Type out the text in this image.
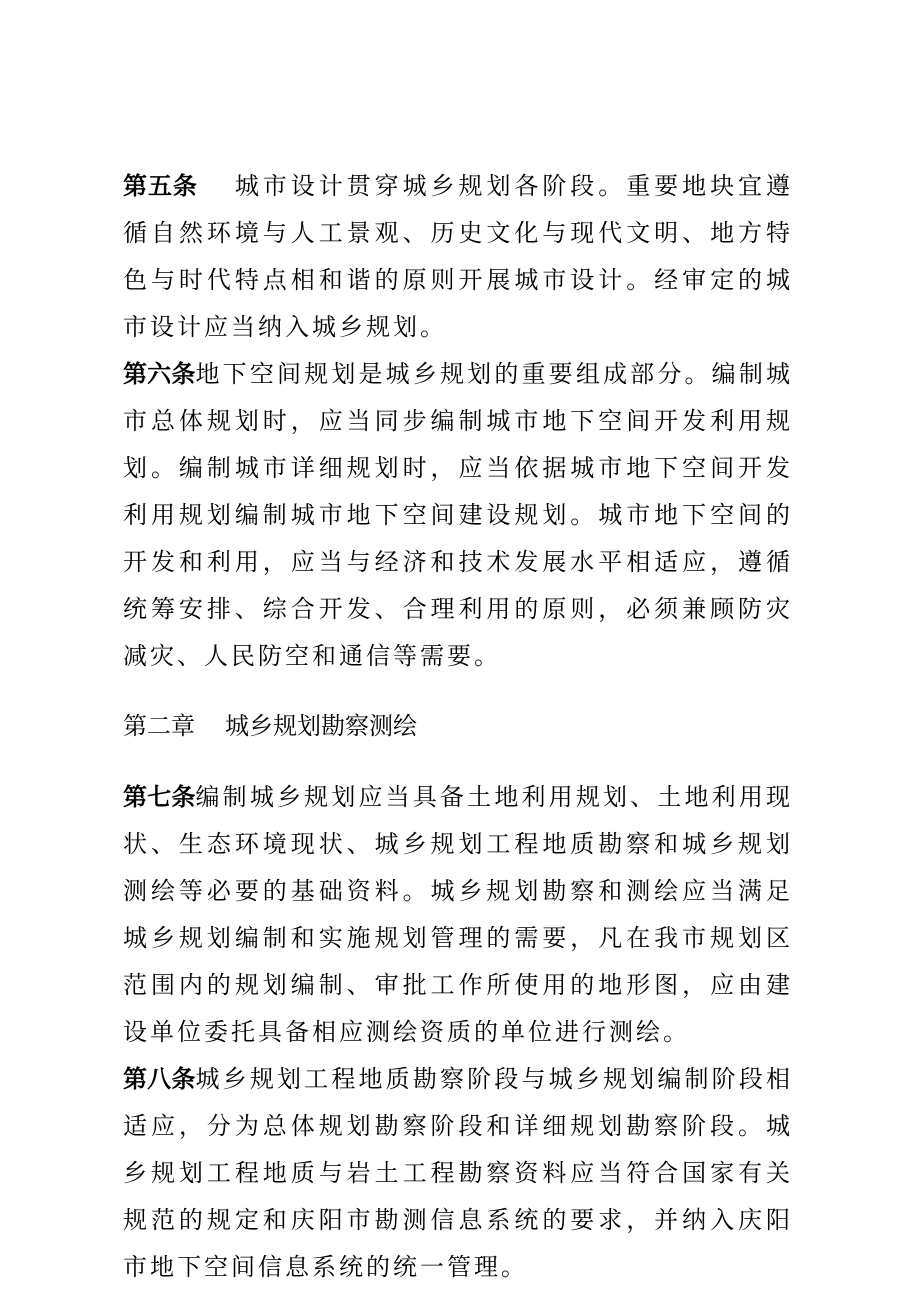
第五条 城市设计贯穿城乡规划各阶段。重要地块宜遵循自然环境与人工景观、历史文化与现代文明、地方特色与时代特点相和谐的原则开展城市设计。经审定的城市设计应当纳入城乡规划。

第六条地下空间规划是城乡规划的重要组成部分。编制城市总体规划时，应当同步编制城市地下空间开发利用规划。编制城市详细规划时，应当依据城市地下空间开发利用规划编制城市地下空间建设规划。城市地下空间的开发和利用，应当与经济和技术发展水平相适应，遵循统筹安排、综合开发、合理利用的原则，必须兼顾防灾减灾、人民防空和通信等需要。

第二章 城乡规划勘察测绘

第七条编制城乡规划应当具备土地利用规划、土地利用现状、生态环境现状、城乡规划工程地质勘察和城乡规划测绘等必要的基础资料。城乡规划勘察和测绘应当满足城乡规划编制和实施规划管理的需要，凡在我市规划区范围内的规划编制、审批工作所使用的地形图，应由建设单位委托具备相应测绘资质的单位进行测绘。

第八条城乡规划工程地质勘察阶段与城乡规划编制阶段相适应，分为总体规划勘察阶段和详细规划勘察阶段。城乡规划工程地质与岩土工程勘察资料应当符合国家有关规范的规定和庆阳市勘测信息系统的要求，并纳入庆阳市地下空间信息系统的统一管理。
